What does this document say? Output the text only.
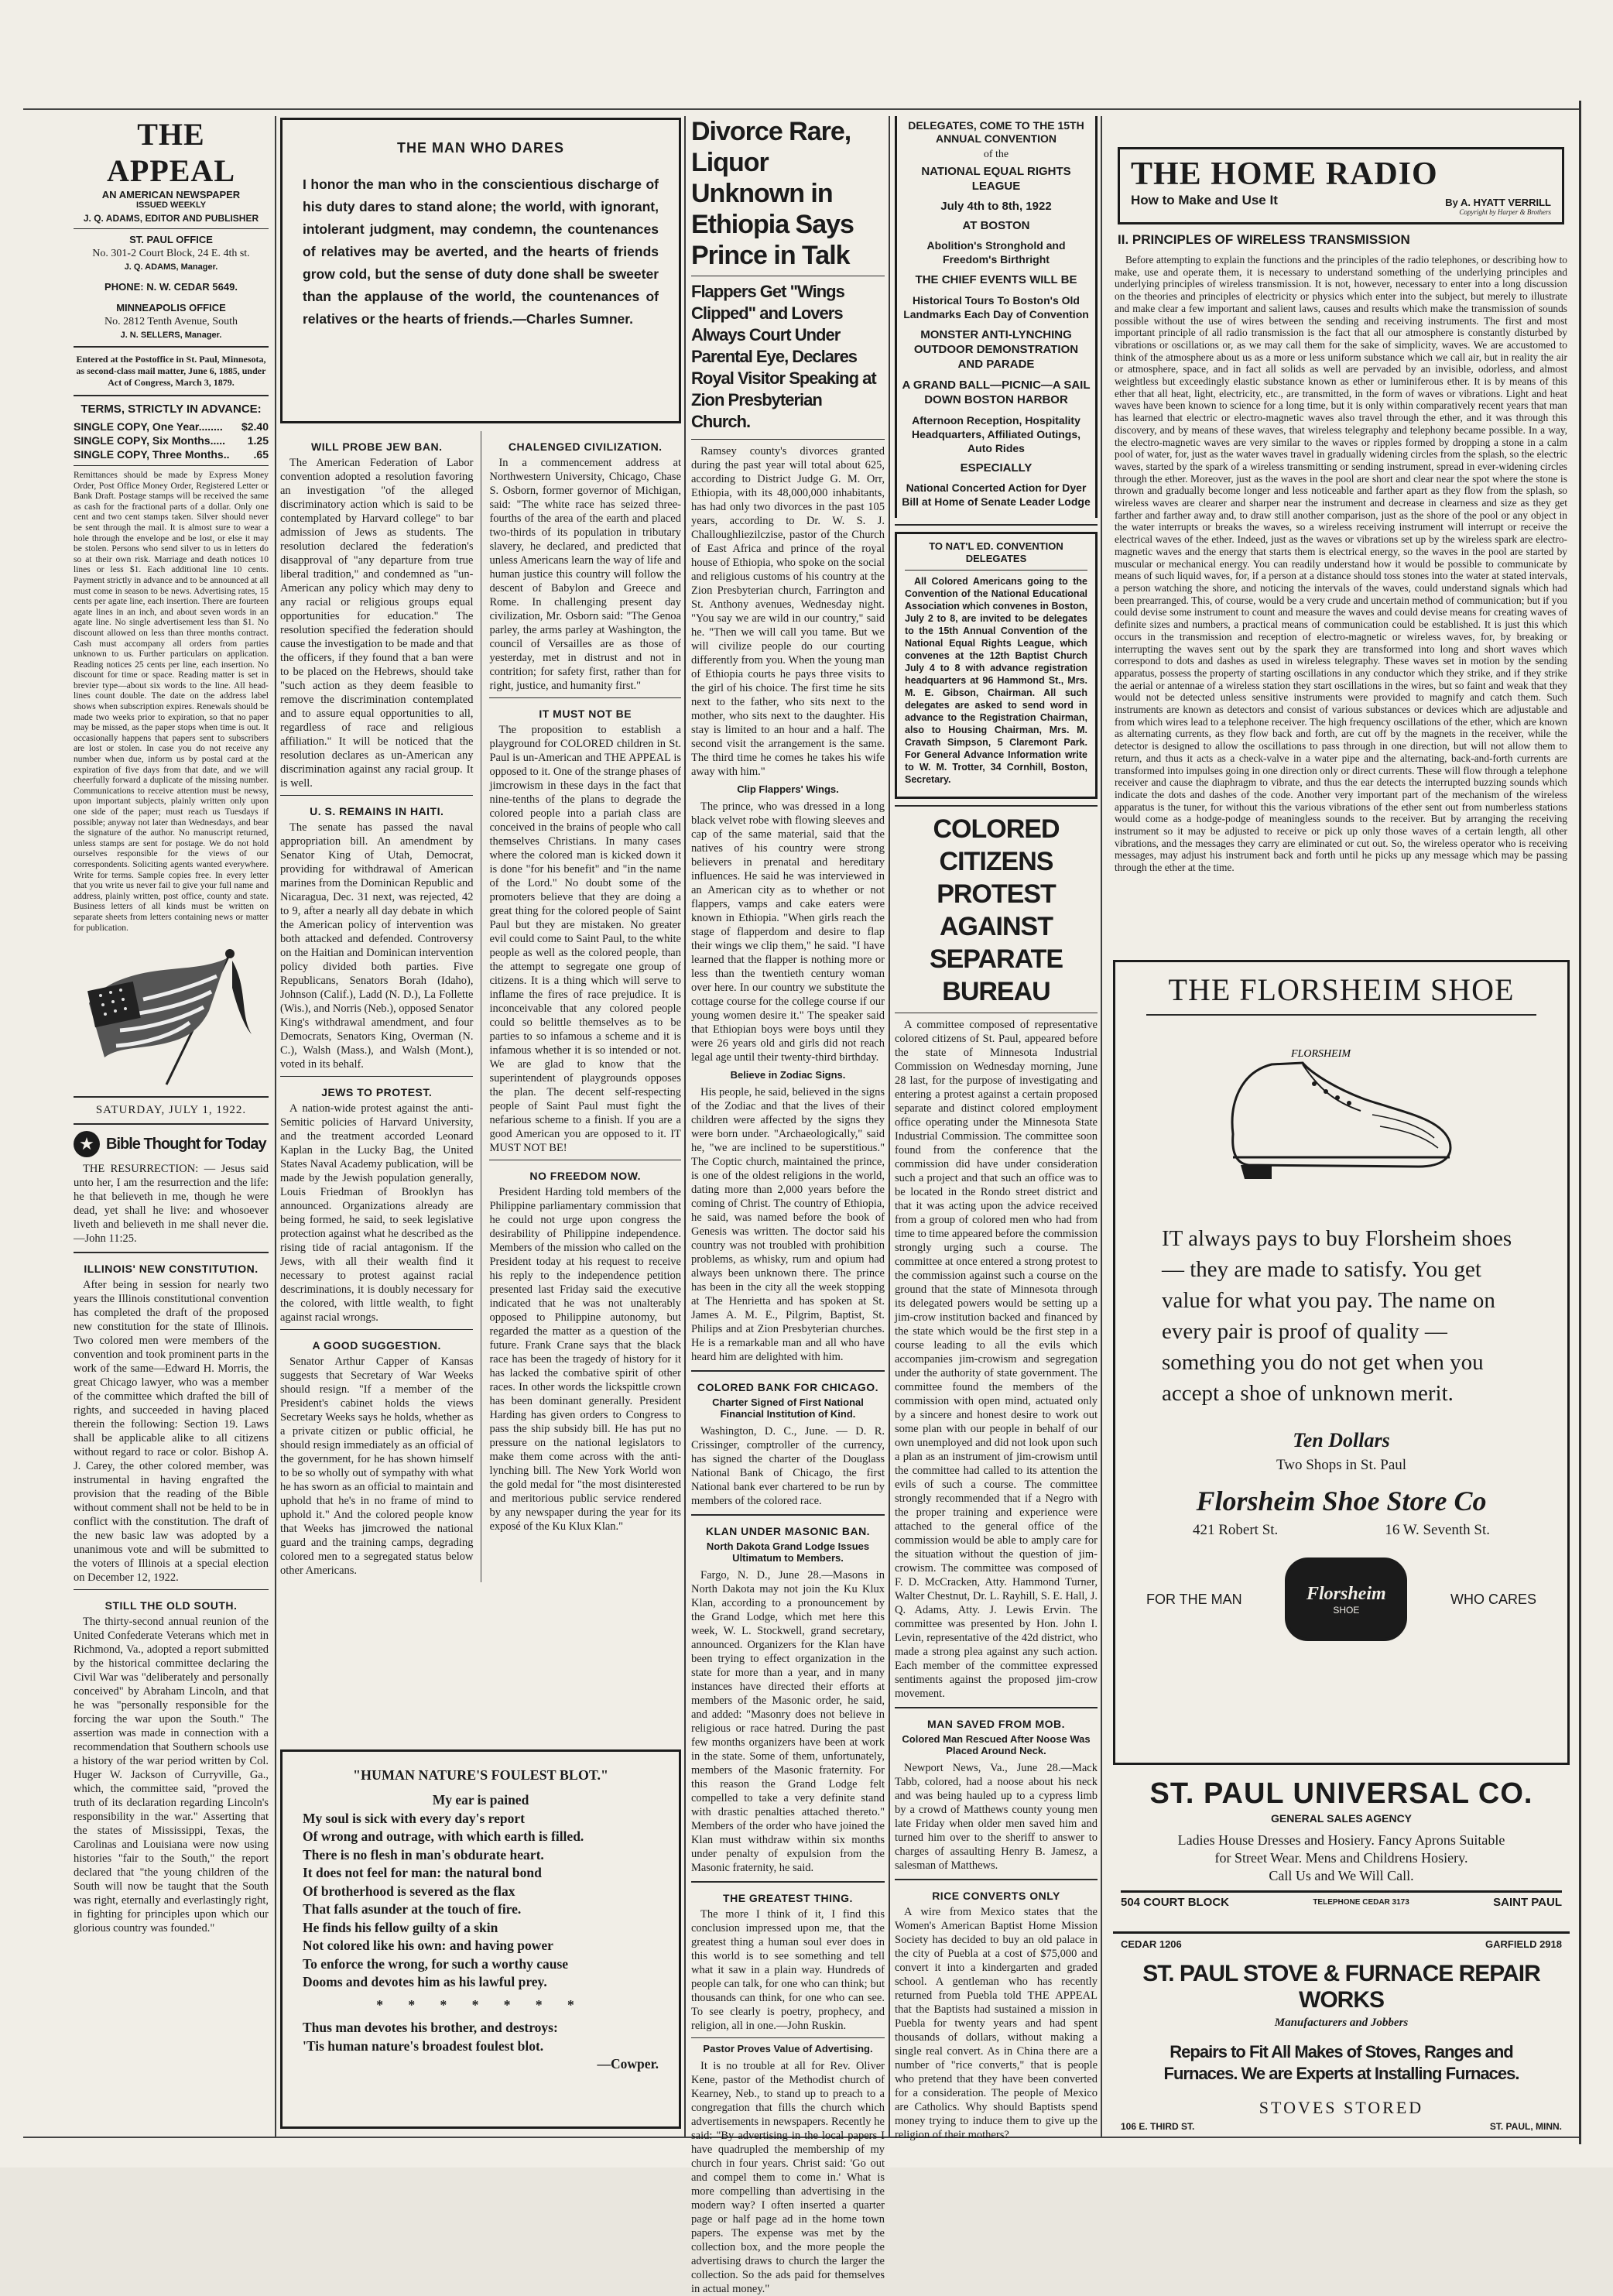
THE APPEAL

AN AMERICAN NEWSPAPER

ISSUED WEEKLY

J. Q. ADAMS, EDITOR AND PUBLISHER

ST. PAUL OFFICE

No. 301-2 Court Block, 24 E. 4th st.

J. Q. ADAMS, Manager.

PHONE: N. W. CEDAR 5649.

MINNEAPOLIS OFFICE

No. 2812 Tenth Avenue, South

J. N. SELLERS, Manager.

Entered at the Postoffice in St. Paul, Minnesota, as second-class mail matter, June 6, 1885, under Act of Congress, March 3, 1879.

TERMS, STRICTLY IN ADVANCE:

SINGLE COPY, One Year........ $2.40
SINGLE COPY, Six Months..... 1.25
SINGLE COPY, Three Months.. .65

Remittances should be made by Express Money Order, Post Office Money Order, Registered Letter or Bank Draft. Postage stamps will be received the same as cash for the fractional parts of a dollar. Only one cent and two cent stamps taken. Silver should never be sent through the mail. It is almost sure to wear a hole through the envelope and be lost, or else it may be stolen. Persons who send silver to us in letters do so at their own risk. Marriage and death notices 10 lines or less $1. Each additional line 10 cents. Payment strictly in advance and to be announced at all must come in season to be news. Advertising rates, 15 cents per agate line, each insertion. There are fourteen agate lines in an inch, and about seven words in an agate line. No single advertisement less than $1. No discount allowed on less than three months contract. Cash must accompany all orders from parties unknown to us. Further particulars on application. Reading notices 25 cents per line, each insertion. No discount for time or space. Reading matter is set in brevier type—about six words to the line. All head-lines count double. The date on the address label shows when subscription expires. Renewals should be made two weeks prior to expiration, so that no paper may be missed, as the paper stops when time is out. It occasionally happens that papers sent to subscribers are lost or stolen. In case you do not receive any number when due, inform us by postal card at the expiration of five days from that date, and we will cheerfully forward a duplicate of the missing number. Communications to receive attention must be newsy, upon important subjects, plainly written only upon one side of the paper; must reach us Tuesdays if possible; anyway not later than Wednesdays, and bear the signature of the author. No manuscript returned, unless stamps are sent for postage. We do not hold ourselves responsible for the views of our correspondents. Soliciting agents wanted everywhere. Write for terms. Sample copies free. In every letter that you write us never fail to give your full name and address, plainly written, post office, county and state. Business letters of all kinds must be written on separate sheets from letters containing news or matter for publication.

SATURDAY, JULY 1, 1922.

★ Bible Thought for Today

THE RESURRECTION: — Jesus said unto her, I am the resurrection and the life: he that believeth in me, though he were dead, yet shall he live: and whosoever liveth and believeth in me shall never die.—John 11:25.

ILLINOIS' NEW CONSTITUTION.

After being in session for nearly two years the Illinois constitutional convention has completed the draft of the proposed new constitution for the state of Illinois. Two colored men were members of the convention and took prominent parts in the work of the same—Edward H. Morris, the great Chicago lawyer, who was a member of the committee which drafted the bill of rights, and succeeded in having placed therein the following: Section 19. Laws shall be applicable alike to all citizens without regard to race or color. Bishop A. J. Carey, the other colored member, was instrumental in having engrafted the provision that the reading of the Bible without comment shall not be held to be in conflict with the constitution. The draft of the new basic law was adopted by a unanimous vote and will be submitted to the voters of Illinois at a special election on December 12, 1922.

STILL THE OLD SOUTH.

The thirty-second annual reunion of the United Confederate Veterans which met in Richmond, Va., adopted a report submitted by the historical committee declaring the Civil War was "deliberately and personally conceived" by Abraham Lincoln, and that he was "personally responsible for the forcing the war upon the South." The assertion was made in connection with a recommendation that Southern schools use a history of the war period written by Col. Huger W. Jackson of Curryville, Ga., which, the committee said, "proved the truth of its declaration regarding Lincoln's responsibility in the war." Asserting that the states of Mississippi, Texas, the Carolinas and Louisiana were now using histories "fair to the South," the report declared that "the young children of the South will now be taught that the South was right, eternally and everlastingly right, in fighting for principles upon which our glorious country was founded."

THE MAN WHO DARES

I honor the man who in the conscientious discharge of his duty dares to stand alone; the world, with ignorant, intolerant judgment, may condemn, the countenances of relatives may be averted, and the hearts of friends grow cold, but the sense of duty done shall be sweeter than the applause of the world, the countenances of relatives or the hearts of friends.—Charles Sumner.

WILL PROBE JEW BAN.

The American Federation of Labor convention adopted a resolution favoring an investigation "of the alleged discriminatory action which is said to be contemplated by Harvard college" to bar admission of Jews as students. The resolution declared the federation's disapproval of "any departure from true liberal tradition," and condemned as "un-American any policy which may deny to any racial or religious groups equal opportunities for education." The resolution specified the federation should cause the investigation to be made and that the officers, if they found that a ban were to be placed on the Hebrews, should take "such action as they deem feasible to remove the discrimination contemplated and to assure equal opportunities to all, regardless of race and religious affiliation." It will be noticed that the resolution declares as un-American any discrimination against any racial group. It is well.

U. S. REMAINS IN HAITI.

The senate has passed the naval appropriation bill. An amendment by Senator King of Utah, Democrat, providing for withdrawal of American marines from the Dominican Republic and Nicaragua, Dec. 31 next, was rejected, 42 to 9, after a nearly all day debate in which the American policy of intervention was both attacked and defended. Controversy on the Haitian and Dominican intervention policy divided both parties. Five Republicans, Senators Borah (Idaho), Johnson (Calif.), Ladd (N. D.), La Follette (Wis.), and Norris (Neb.), opposed Senator King's withdrawal amendment, and four Democrats, Senators King, Overman (N. C.), Walsh (Mass.), and Walsh (Mont.), voted in its behalf.

JEWS TO PROTEST.

A nation-wide protest against the anti-Semitic policies of Harvard University, and the treatment accorded Leonard Kaplan in the Lucky Bag, the United States Naval Academy publication, will be made by the Jewish population generally, Louis Friedman of Brooklyn has announced. Organizations already are being formed, he said, to seek legislative protection against what he described as the rising tide of racial antagonism. If the Jews, with all their wealth find it necessary to protest against racial descriminations, it is doubly necessary for the colored, with little wealth, to fight against racial wrongs.

A GOOD SUGGESTION.

Senator Arthur Capper of Kansas suggests that Secretary of War Weeks should resign. "If a member of the President's cabinet holds the views Secretary Weeks says he holds, whether as a private citizen or public official, he should resign immediately as an official of the government, for he has shown himself to be so wholly out of sympathy with what he has sworn as an official to maintain and uphold that he's in no frame of mind to uphold it." And the colored people know that Weeks has jimcrowed the national guard and the training camps, degrading colored men to a segregated status below other Americans.

CHALENGED CIVILIZATION.

In a commencement address at Northwestern University, Chicago, Chase S. Osborn, former governor of Michigan, said: "The white race has seized three-fourths of the area of the earth and placed two-thirds of its population in tributary slavery, he declared, and predicted that unless Americans learn the way of life and human justice this country will follow the descent of Babylon and Greece and Rome. In challenging present day civilization, Mr. Osborn said: "The Genoa parley, the arms parley at Washington, the council of Versailles are as those of yesterday, met in distrust and not in contrition; for safety first, rather than for right, justice, and humanity first."

IT MUST NOT BE

The proposition to establish a playground for COLORED children in St. Paul is un-American and THE APPEAL is opposed to it. One of the strange phases of jimcrowism in these days in the fact that nine-tenths of the plans to degrade the colored people into a pariah class are conceived in the brains of people who call themselves Christians. In many cases where the colored man is kicked down it is done "for his benefit" and "in the name of the Lord." No doubt some of the promoters believe that they are doing a great thing for the colored people of Saint Paul but they are mistaken. No greater evil could come to Saint Paul, to the white people as well as the colored people, than the attempt to segregate one group of citizens. It is a thing which will serve to inflame the fires of race prejudice. It is inconceivable that any colored people could so belittle themselves as to be parties to so infamous a scheme and it is infamous whether it is so intended or not. We are glad to know that the superintendent of playgrounds opposes the plan. The decent self-respecting people of Saint Paul must fight the nefarious scheme to a finish. If you are a good American you are opposed to it. IT MUST NOT BE!

NO FREEDOM NOW.

President Harding told members of the Philippine parliamentary commission that he could not urge upon congress the desirability of Philippine independence. Members of the mission who called on the President today at his request to receive his reply to the independence petition presented last Friday said the executive indicated that he was not unalterably opposed to Philippine autonomy, but regarded the matter as a question of the future. Frank Crane says that the black race has been the tragedy of history for it has lacked the combative spirit of other races. In other words the lickspittle crown has been dominant generally. President Harding has given orders to Congress to pass the ship subsidy bill. He has put no pressure on the national legislators to make them come across with the anti-lynching bill. The New York World won the gold medal for "the most disinterested and meritorious public service rendered by any newspaper during the year for its exposé of the Ku Klux Klan."

"HUMAN NATURE'S FOULEST BLOT."

My ear is pained
My soul is sick with every day's report
Of wrong and outrage, with which earth is filled.
There is no flesh in man's obdurate heart.
It does not feel for man: the natural bond
Of brotherhood is severed as the flax
That falls asunder at the touch of fire.
He finds his fellow guilty of a skin
Not colored like his own: and having power
To enforce the wrong, for such a worthy cause
Dooms and devotes him as his lawful prey.
* * * * * * *
Thus man devotes his brother, and destroys:
'Tis human nature's broadest foulest blot.
—Cowper.

Divorce Rare, Liquor Unknown in Ethiopia Says Prince in Talk

Flappers Get "Wings Clipped" and Lovers Always Court Under Parental Eye, Declares Royal Visitor Speaking at Zion Presbyterian Church.

Ramsey county's divorces granted during the past year will total about 625, according to District Judge G. M. Orr, Ethiopia, with its 48,000,000 inhabitants, has had only two divorces in the past 105 years, according to Dr. W. S. J. Challoughliezilczise, pastor of the Church of East Africa and prince of the royal house of Ethiopia, who spoke on the social and religious customs of his country at the Zion Presbyterian church, Farrington and St. Anthony avenues, Wednesday night. "You say we are wild in our country," said he. "Then we will call you tame. But we will civilize people do our courting differently from you. When the young man of Ethiopia courts he pays three visits to the girl of his choice. The first time he sits next to the father, who sits next to the mother, who sits next to the daughter. His stay is limited to an hour and a half. The second visit the arrangement is the same. The third time he comes he takes his wife away with him."

Clip Flappers' Wings.

The prince, who was dressed in a long black velvet robe with flowing sleeves and cap of the same material, said that the natives of his country were strong believers in prenatal and hereditary influences. He said he was interviewed in an American city as to whether or not flappers, vamps and cake eaters were known in Ethiopia. "When girls reach the stage of flapperdom and desire to flap their wings we clip them," he said. "I have learned that the flapper is nothing more or less than the twentieth century woman over here. In our country we substitute the cottage course for the college course if our young women desire it." The speaker said that Ethiopian boys were boys until they were 26 years old and girls did not reach legal age until their twenty-third birthday.

Believe in Zodiac Signs.

His people, he said, believed in the signs of the Zodiac and that the lives of their children were affected by the signs they were born under. "Archaeologically," said he, "we are inclined to be superstitious." The Coptic church, maintained the prince, is one of the oldest religions in the world, dating more than 2,000 years before the coming of Christ. The country of Ethiopia, he said, was named before the book of Genesis was written. The doctor said his country was not troubled with prohibition problems, as whisky, rum and opium had always been unknown there. The prince has been in the city all the week stopping at The Henrietta and has spoken at St. James A. M. E., Pilgrim, Baptist, St. Philips and at Zion Presbyterian churches. He is a remarkable man and all who have heard him are delighted with him.

COLORED BANK FOR CHICAGO.

Charter Signed of First National Financial Institution of Kind.

Washington, D. C., June. — D. R. Crissinger, comptroller of the currency, has signed the charter of the Douglass National Bank of Chicago, the first National bank ever chartered to be run by members of the colored race.

KLAN UNDER MASONIC BAN.

North Dakota Grand Lodge Issues Ultimatum to Members.

Fargo, N. D., June 28.—Masons in North Dakota may not join the Ku Klux Klan, according to a pronouncement by the Grand Lodge, which met here this week, W. L. Stockwell, grand secretary, announced. Organizers for the Klan have been trying to effect organization in the state for more than a year, and in many instances have directed their efforts at members of the Masonic order, he said, and added: "Masonry does not believe in religious or race hatred. During the past few months organizers have been at work in the state. Some of them, unfortunately, members of the Masonic fraternity. For this reason the Grand Lodge felt compelled to take a very definite stand with drastic penalties attached thereto." Members of the order who have joined the Klan must withdraw within six months under penalty of expulsion from the Masonic fraternity, he said.

THE GREATEST THING.

The more I think of it, I find this conclusion impressed upon me, that the greatest thing a human soul ever does in this world is to see something and tell what it saw in a plain way. Hundreds of people can talk, for one who can think; but thousands can think, for one who can see. To see clearly is poetry, prophecy, and religion, all in one.—John Ruskin.

Pastor Proves Value of Advertising.

It is no trouble at all for Rev. Oliver Kene, pastor of the Methodist church of Kearney, Neb., to stand up to preach to a congregation that fills the church which advertisements in newspapers. Recently he said: "By advertising in the local papers I have quadrupled the membership of my church in four years. Christ said: 'Go out and compel them to come in.' What is more compelling than advertising in the modern way? I often inserted a quarter page or half page ad in the home town papers. The expense was met by the collection box, and the more people the advertising draws to church the larger the collection. So the ads paid for themselves in actual money."

DELEGATES, COME TO THE 15TH ANNUAL CONVENTION

of the

NATIONAL EQUAL RIGHTS LEAGUE

July 4th to 8th, 1922

AT BOSTON

Abolition's Stronghold and Freedom's Birthright

THE CHIEF EVENTS WILL BE

Historical Tours To Boston's Old Landmarks Each Day of Convention

MONSTER ANTI-LYNCHING OUTDOOR DEMONSTRATION AND PARADE

A GRAND BALL—PICNIC—A SAIL DOWN BOSTON HARBOR

Afternoon Reception, Hospitality Headquarters, Affiliated Outings, Auto Rides

ESPECIALLY

National Concerted Action for Dyer Bill at Home of Senate Leader Lodge

TO NAT'L ED. CONVENTION DELEGATES

All Colored Americans going to the Convention of the National Educational Association which convenes in Boston, July 2 to 8, are invited to be delegates to the 15th Annual Convention of the National Equal Rights League, which convenes at the 12th Baptist Church July 4 to 8 with advance registration headquarters at 96 Hammond St., Mrs. M. E. Gibson, Chairman. All such delegates are asked to send word in advance to the Registration Chairman, also to Housing Chairman, Mrs. M. Cravath Simpson, 5 Claremont Park. For General Advance Information write to W. M. Trotter, 34 Cornhill, Boston, Secretary.

COLORED CITIZENS PROTEST AGAINST SEPARATE BUREAU

A committee composed of representative colored citizens of St. Paul, appeared before the state of Minnesota Industrial Commission on Wednesday morning, June 28 last, for the purpose of investigating and entering a protest against a certain proposed separate and distinct colored employment office operating under the Minnesota State Industrial Commission. The committee soon found from the conference that the commission did have under consideration such a project and that such an office was to be located in the Rondo street district and that it was acting upon the advice received from a group of colored men who had from time to time appeared before the commission strongly urging such a course. The committee at once entered a strong protest to the commission against such a course on the ground that the state of Minnesota through its delegated powers would be setting up a jim-crow institution backed and financed by the state which would be the first step in a course leading to all the evils which accompanies jim-crowism and segregation under the authority of state government. The committee found the members of the commission with open mind, actuated only by a sincere and honest desire to work out some plan with our people in behalf of our own unemployed and did not look upon such a plan as an instrument of jim-crowism until the committee had called to its attention the evils of such a course. The committee strongly recommended that if a Negro with the proper training and experience were attached to the general office of the commission would be able to amply care for the situation without the question of jim-crowism. The committee was composed of F. D. McCracken, Atty. Hammond Turner, Walter Chestnut, Dr. L. Rayhill, S. E. Hall, J. Q. Adams, Atty. J. Lewis Ervin. The committee was presented by Hon. John I. Levin, representative of the 42d district, who made a strong plea against any such action. Each member of the committee expressed sentiments against the proposed jim-crow movement.

MAN SAVED FROM MOB.

Colored Man Rescued After Noose Was Placed Around Neck.

Newport News, Va., June 28.—Mack Tabb, colored, had a noose about his neck and was being hauled up to a cypress limb by a crowd of Matthews county young men late Friday when older men saved him and turned him over to the sheriff to answer to charges of assaulting Henry B. Jamesz, a salesman of Matthews.

RICE CONVERTS ONLY

A wire from Mexico states that the Women's American Baptist Home Mission Society has decided to buy an old palace in the city of Puebla at a cost of $75,000 and convert it into a kindergarten and graded school. A gentleman who has recently returned from Puebla told THE APPEAL that the Baptists had sustained a mission in Puebla for twenty years and had spent thousands of dollars, without making a single real convert. As in China there are a number of "rice converts," that is people who pretend that they have been converted for a consideration. The people of Mexico are Catholics. Why should Baptists spend money trying to induce them to give up the religion of their mothers?

THE HOME RADIO

How to Make and Use It	By A. HYATT VERRILL

Copyright by Harper & Brothers

II. PRINCIPLES OF WIRELESS TRANSMISSION

Before attempting to explain the functions and the principles of the radio telephones, or describing how to make, use and operate them, it is necessary to understand something of the underlying principles and underlying principles of wireless transmission. It is not, however, necessary to enter into a long discussion on the theories and principles of electricity or physics which enter into the subject, but merely to illustrate and make clear a few important and salient laws, causes and results which make the transmission of sounds possible without the use of wires between the sending and receiving instruments. The first and most important principle of all radio transmission is the fact that all our atmosphere is constantly disturbed by vibrations or oscillations or, as we may call them for the sake of simplicity, waves. We are accustomed to think of the atmosphere about us as a more or less uniform substance which we call air, but in reality the air or atmosphere, space, and in fact all solids as well are pervaded by an invisible, odorless, and almost weightless but exceedingly elastic substance known as ether or luminiferous ether. It is by means of this ether that all heat, light, electricity, etc., are transmitted, in the form of waves or vibrations. Light and heat waves have been known to science for a long time, but it is only within comparatively recent years that man has learned that electric or electro-magnetic waves also travel through the ether, and it was through this discovery, and by means of these waves, that wireless telegraphy and telephony became possible. In a way, the electro-magnetic waves are very similar to the waves or ripples formed by dropping a stone in a calm pool of water, for, just as the water waves travel in gradually widening circles from the splash, so the electric waves, started by the spark of a wireless transmitting or sending instrument, spread in ever-widening circles through the ether. Moreover, just as the waves in the pool are short and clear near the spot where the stone is thrown and gradually become longer and less noticeable and farther apart as they flow from the splash, so wireless waves are clearer and sharper near the instrument and decrease in clearness and size as they get farther and farther away and, to draw still another comparison, just as the shore of the pool or any object in the water interrupts or breaks the waves, so a wireless receiving instrument will interrupt or receive the electrical waves of the ether. Indeed, just as the waves or vibrations set up by the wireless spark are electro-magnetic waves and the energy that starts them is electrical energy, so the waves in the pool are started by muscular or mechanical energy. You can readily understand how it would be possible to communicate by means of such liquid waves, for, if a person at a distance should toss stones into the water at stated intervals, a person watching the shore, and noticing the intervals of the waves, could understand signals which had been prearranged. This, of course, would be a very crude and uncertain method of communication; but if you could devise some instrument to count and measure the waves and could devise means for creating waves of definite sizes and numbers, a practical means of communication could be established. It is just this which occurs in the transmission and reception of electro-magnetic or wireless waves, for, by breaking or interrupting the waves sent out by the spark they are transformed into long and short waves which correspond to dots and dashes as used in wireless telegraphy. These waves set in motion by the sending apparatus, possess the property of starting oscillations in any conductor which they strike, and if they strike the aerial or antennae of a wireless station they start oscillations in the wires, but so faint and weak that they would not be detected unless sensitive instruments were provided to magnify and catch them. Such instruments are known as detectors and consist of various substances or devices which are adjustable and from which wires lead to a telephone receiver. The high frequency oscillations of the ether, which are known as alternating currents, as they flow back and forth, are cut off by the magnets in the receiver, while the detector is designed to allow the oscillations to pass through in one direction, but will not allow them to return, and thus it acts as a check-valve in a water pipe and the alternating, back-and-forth currents are transformed into impulses going in one direction only or direct currents. These will flow through a telephone receiver and cause the diaphragm to vibrate, and thus the ear detects the interrupted buzzing sounds which indicate the dots and dashes of the code. Another very important part of the mechanism of the wireless apparatus is the tuner, for without this the various vibrations of the ether sent out from numberless stations would come as a hodge-podge of meaningless sounds to the receiver. But by arranging the receiving instrument so it may be adjusted to receive or pick up only those waves of a certain length, all other vibrations, and the messages they carry are eliminated or cut out. So, the wireless operator who is receiving messages, may adjust his instrument back and forth until he picks up any message which may be passing through the ether at the time.

THE FLORSHEIM SHOE

FLORSHEIM

IT always pays to buy Florsheim shoes — they are made to satisfy. You get value for what you pay. The name on every pair is proof of quality — something you do not get when you accept a shoe of unknown merit.

Ten Dollars

Two Shops in St. Paul

Florsheim Shoe Store Co

421 Robert St.	16 W. Seventh St.
FOR THE MAN	Florsheim
SHOE
WHO CARES

ST. PAUL UNIVERSAL CO.

GENERAL SALES AGENCY

Ladies House Dresses and Hosiery. Fancy Aprons Suitable

for Street Wear. Mens and Childrens Hosiery.

Call Us and We Will Call.

504 COURT BLOCK	TELEPHONE CEDAR 3173	SAINT PAUL
CEDAR 1206	GARFIELD 2918

ST. PAUL STOVE & FURNACE REPAIR WORKS

Manufacturers and Jobbers

Repairs to Fit All Makes of Stoves, Ranges and

Furnaces. We are Experts at Installing Furnaces.

STOVES STORED

106 E. THIRD ST.	ST. PAUL, MINN.
